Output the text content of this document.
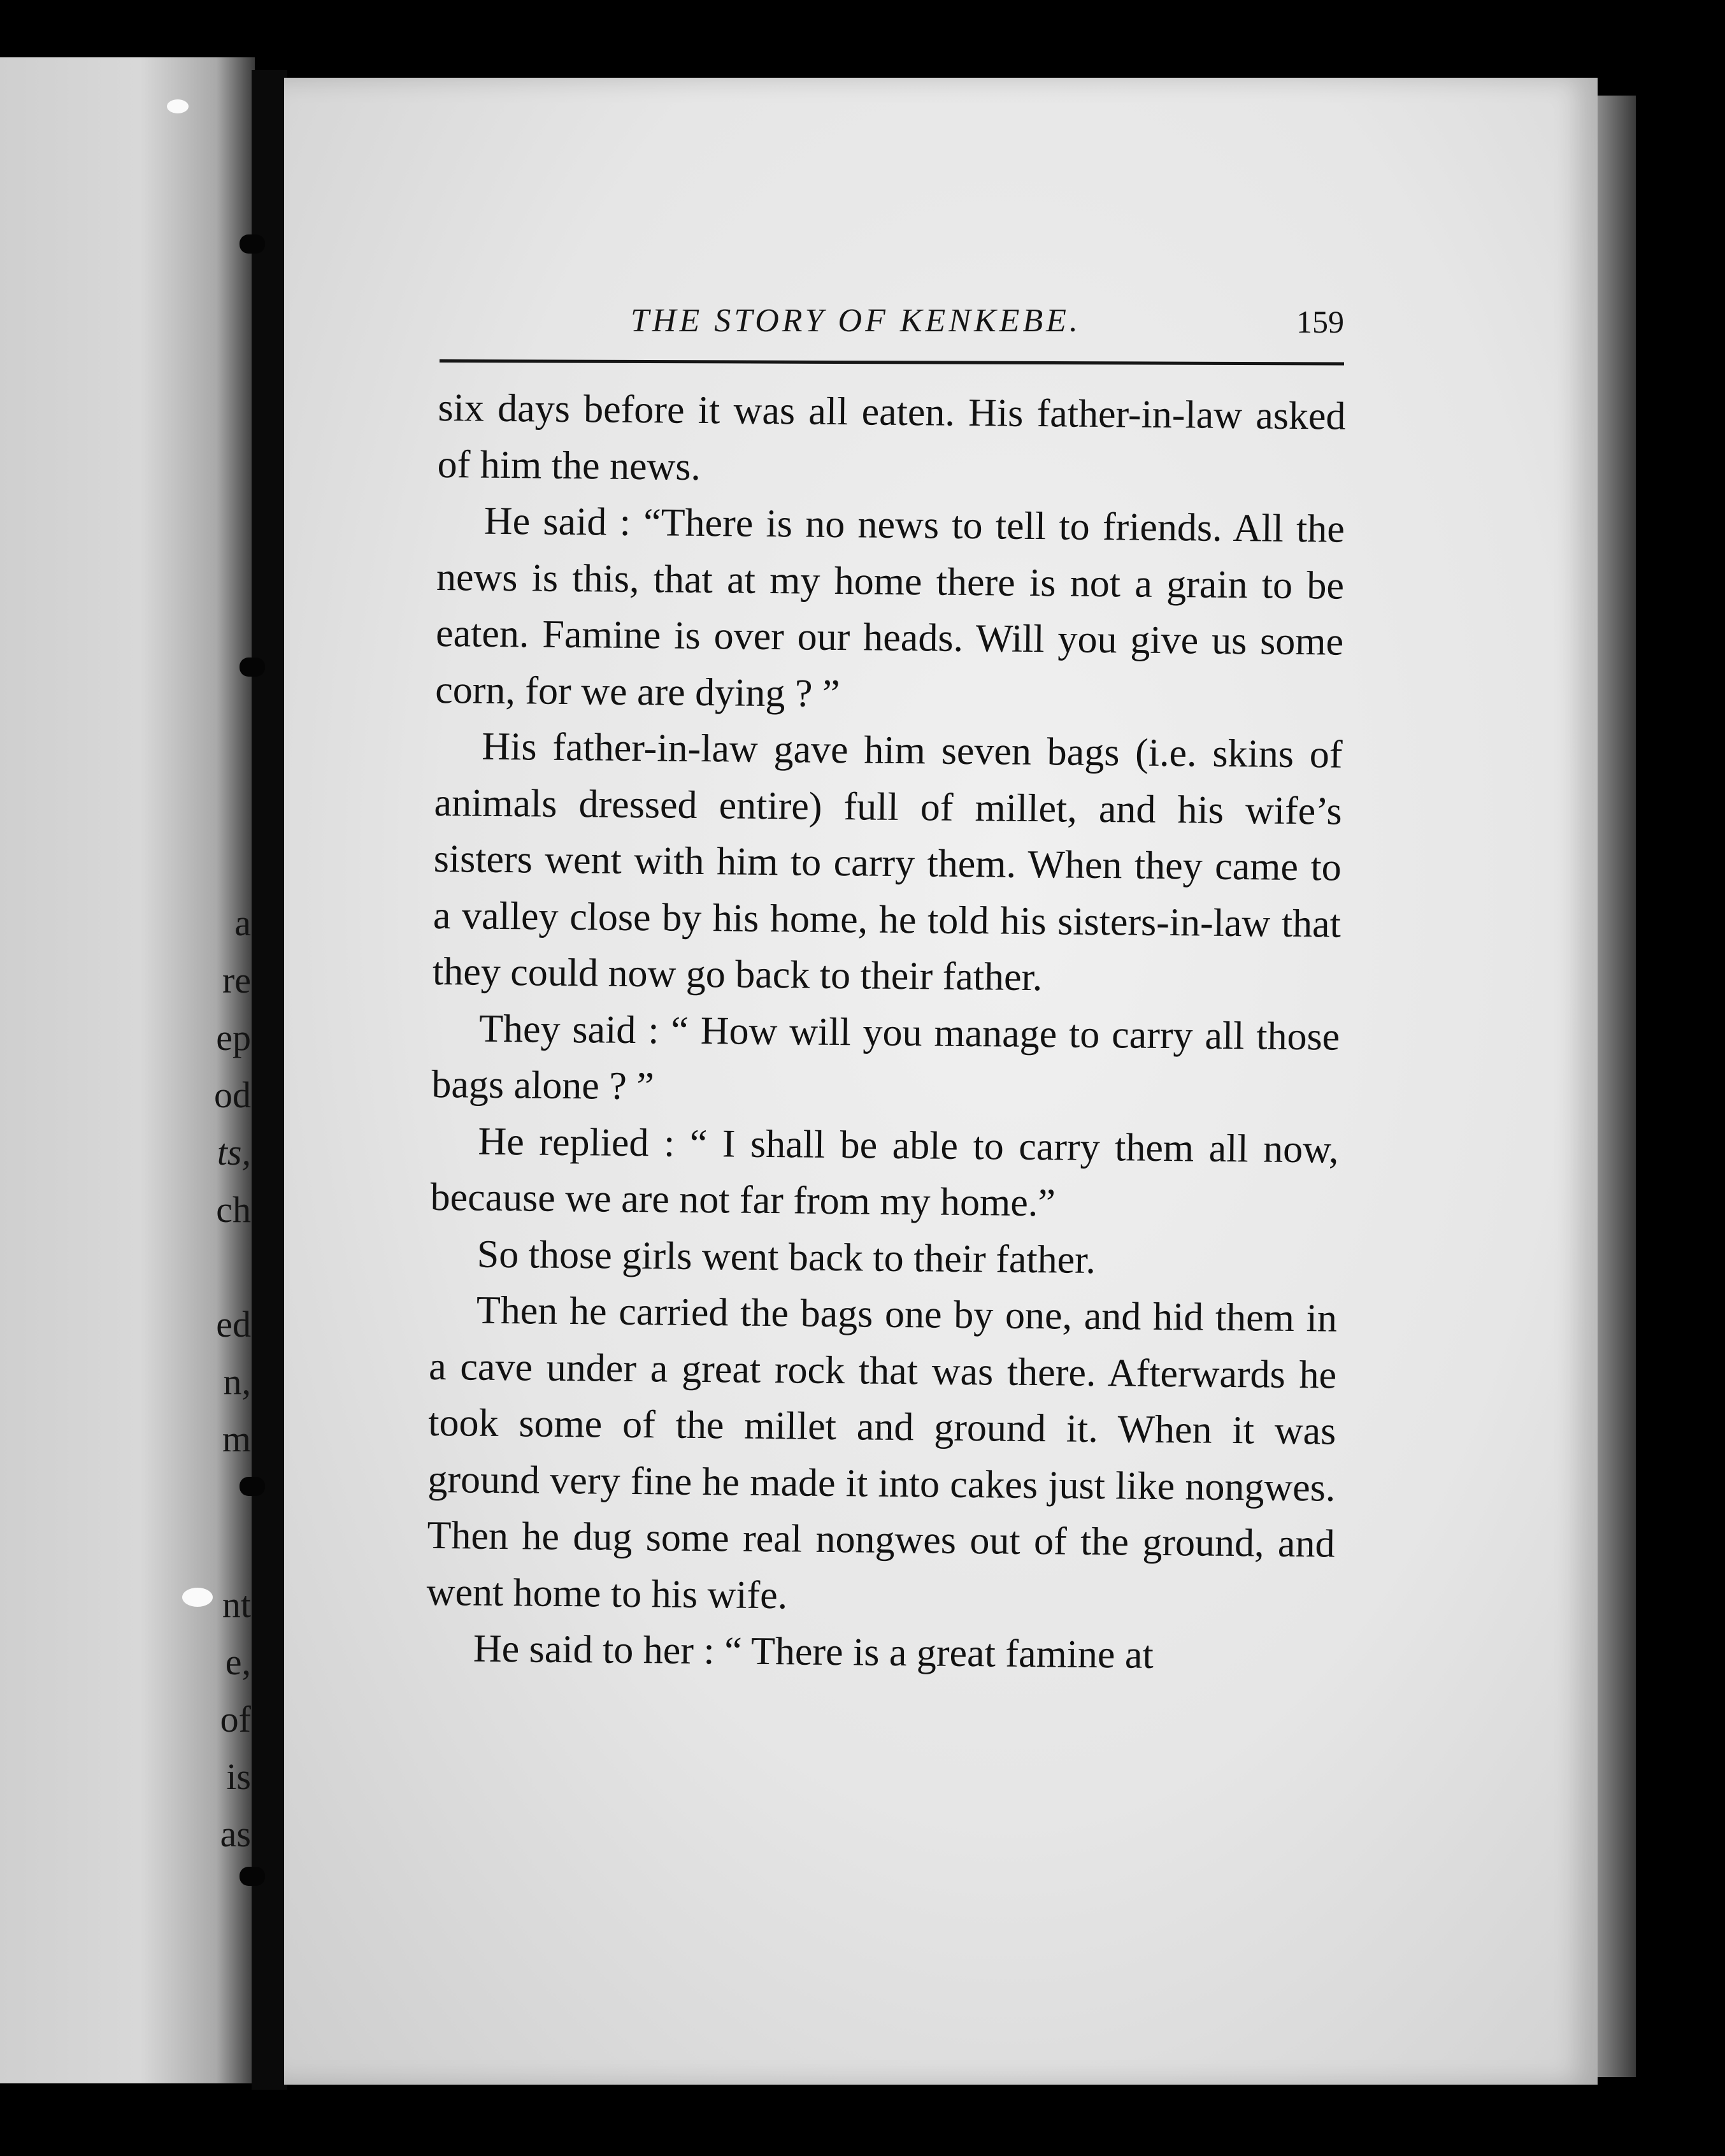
a
re
ep
od
ts,
ch
ed
n,
m
nt
e,
of
is
as
THE STORY OF KENKEBE.	159

six days before it was all eaten. His father-in-law asked of him the news.

He said : “There is no news to tell to friends. All the news is this, that at my home there is not a grain to be eaten. Famine is over our heads. Will you give us some corn, for we are dying ? ”

His father-in-law gave him seven bags (i.e. skins of animals dressed entire) full of millet, and his wife’s sisters went with him to carry them. When they came to a valley close by his home, he told his sisters-in-law that they could now go back to their father.

They said : “ How will you manage to carry all those bags alone ? ”

He replied : “ I shall be able to carry them all now, because we are not far from my home.”

So those girls went back to their father.

Then he carried the bags one by one, and hid them in a cave under a great rock that was there. Afterwards he took some of the millet and ground it. When it was ground very fine he made it into cakes just like nongwes. Then he dug some real nongwes out of the ground, and went home to his wife.

He said to her : “ There is a great famine at
